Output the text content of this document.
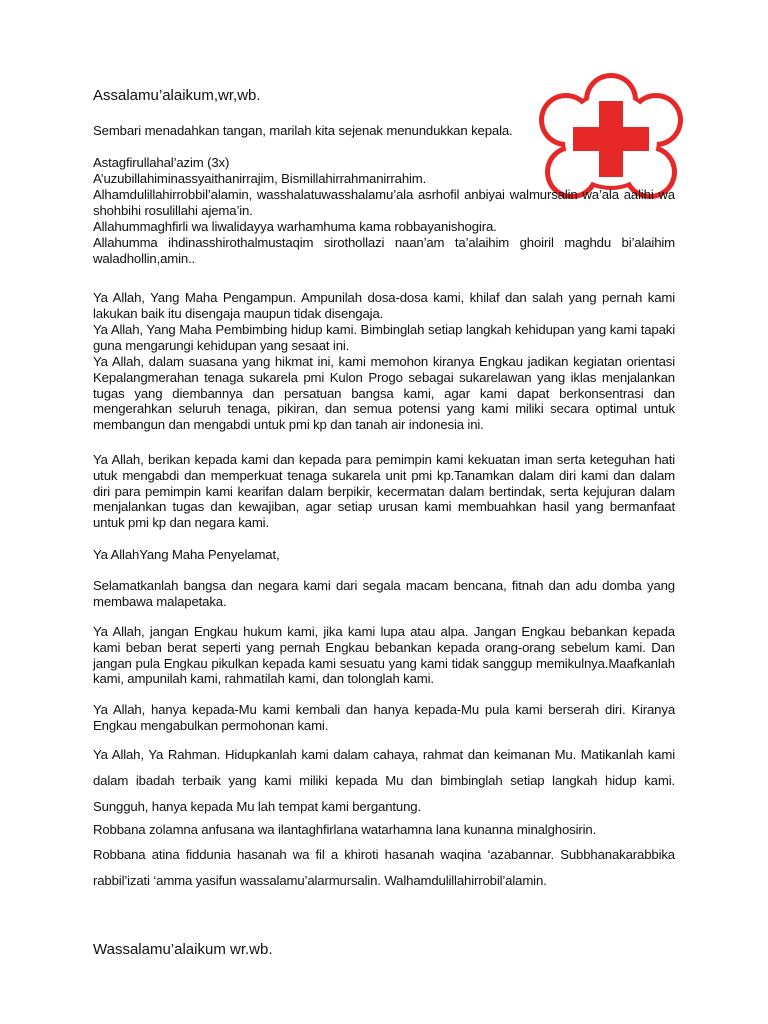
Assalamu’alaikum,wr,wb.

Sembari menadahkan tangan, marilah kita sejenak menundukkan kepala.

Astagfirullahal’azim (3x)

A’uzubillahiminassyaithanirrajim, Bismillahirrahmanirrahim.

Alhamdulillahirrobbil’alamin, wasshalatuwasshalamu’ala asrhofil anbiyai walmursalin wa’ala aalihi wa shohbihi rosulillahi ajema’in.

Allahummaghfirli wa liwalidayya warhamhuma kama robbayanishogira.

Allahumma ihdinasshirothalmustaqim sirothollazi naan’am ta’alaihim ghoiril maghdu bi’alaihim waladhollin,amin..

Ya Allah, Yang Maha Pengampun. Ampunilah dosa-dosa kami, khilaf dan salah yang pernah kami lakukan baik itu disengaja maupun tidak disengaja.

Ya Allah, Yang Maha Pembimbing hidup kami. Bimbinglah setiap langkah kehidupan yang kami tapaki guna mengarungi kehidupan yang sesaat ini.

Ya Allah, dalam suasana yang hikmat ini, kami memohon kiranya Engkau jadikan kegiatan orientasi Kepalangmerahan tenaga sukarela pmi Kulon Progo sebagai sukarelawan yang iklas menjalankan tugas yang diembannya dan persatuan bangsa kami, agar kami dapat berkonsentrasi dan mengerahkan seluruh tenaga, pikiran, dan semua potensi yang kami miliki secara optimal untuk membangun dan mengabdi untuk pmi kp dan tanah air indonesia ini.

Ya Allah, berikan kepada kami dan kepada para pemimpin kami kekuatan iman serta keteguhan hati utuk mengabdi dan memperkuat tenaga sukarela unit pmi kp.Tanamkan dalam diri kami dan dalam diri para pemimpin kami kearifan dalam berpikir, kecermatan dalam bertindak, serta kejujuran dalam menjalankan tugas dan kewajiban, agar setiap urusan kami membuahkan hasil yang bermanfaat untuk pmi kp dan negara kami.

Ya AllahYang Maha Penyelamat,

Selamatkanlah bangsa dan negara kami dari segala macam bencana, fitnah dan adu domba yang membawa malapetaka.

Ya Allah, jangan Engkau hukum kami, jika kami lupa atau alpa. Jangan Engkau bebankan kepada kami beban berat seperti yang pernah Engkau bebankan kepada orang-orang sebelum kami. Dan jangan pula Engkau pikulkan kepada kami sesuatu yang kami tidak sanggup memikulnya.Maafkanlah kami, ampunilah kami, rahmatilah kami, dan tolonglah kami.

Ya Allah, hanya kepada-Mu kami kembali dan hanya kepada-Mu pula kami berserah diri. Kiranya Engkau mengabulkan permohonan kami.

Ya Allah, Ya Rahman. Hidupkanlah kami dalam cahaya, rahmat dan keimanan Mu. Matikanlah kami dalam ibadah terbaik yang kami miliki kepada Mu dan bimbinglah setiap langkah hidup kami. Sungguh, hanya kepada Mu lah tempat kami bergantung.

Robbana zolamna anfusana wa ilantaghfirlana watarhamna lana kunanna minalghosirin.

Robbana atina fiddunia hasanah wa fil a khiroti hasanah waqina ‘azabannar. Subbhanakarabbika rabbil’izati ‘amma yasifun wassalamu’alarmursalin. Walhamdulillahirrobil’alamin.

Wassalamu’alaikum wr.wb.
